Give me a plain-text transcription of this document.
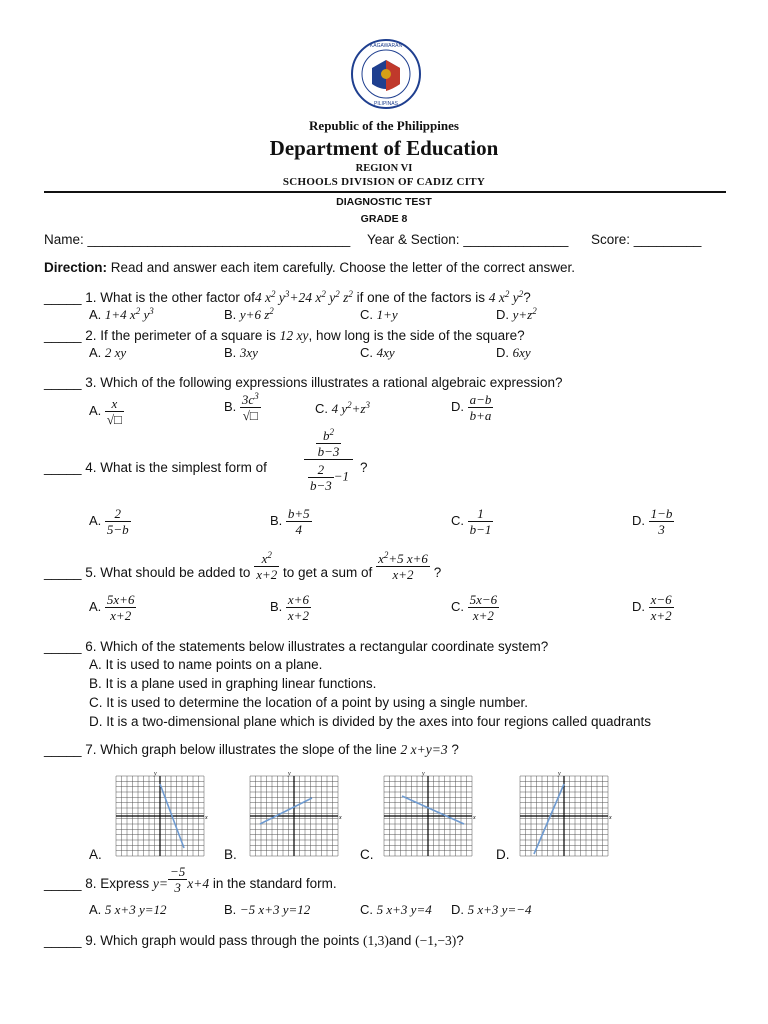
KAGAWARAN
PILIPINAS
Republic of the Philippines
Department of Education
REGION VI
SCHOOLS DIVISION OF CADIZ CITY
DIAGNOSTIC TEST
GRADE 8
Name: ___________________________________ Year & Section: ______________ Score: _________
Direction: Read and answer each item carefully. Choose the letter of the correct answer.
_____ 1. What is the other factor of4 $x^2$ $y^3+24$ $x^2$ $y^2$ $z^2$ if one of the factors is 4 $x^2$ $y^2$?
A. 1+4 $x^2$ $y^3$	B. y+6 $z^2$	C. 1+y	D. $y+z^2$
_____ 2. If the perimeter of a square is 12 xy, how long is the side of the square?
A. 2 xy	B. 3xy	C. 4xy	D. 6xy
_____ 3. Which of the following expressions illustrates a rational algebraic expression?
A. $\frac{x}{√□}$	B. $\frac{3c^3}{√□}$	C. 4 $y^2+z^3$	D. $\frac{a-b}{b+a}$
_____ 4. What is the simplest form of	$\frac{\frac{b^2}{b-3}}{\frac{2}{b-3} -1}$ ?
A. $\frac{2}{5-b}$	B. $\frac{b+5}{4}$	C. $\frac{1}{b-1}$	D. $\frac{1-b}{3}$
_____ 5. What should be added to $\frac{x^2}{x+2}$ to get a sum of $\frac{x^2+5 x+6}{x+2}$ ?
A. $\frac{5x+6}{x+2}$	B. $\frac{x+6}{x+2}$	C. $\frac{5x-6}{x+2}$	D. $\frac{x-6}{x+2}$
_____ 6. Which of the statements below illustrates a rectangular coordinate system?
A. It is used to name points on a plane.
B. It is a plane used in graphing linear functions.
C. It is used to determine the location of a point by using a single number.
D. It is a two-dimensional plane which is divided by the axes into four regions called quadrants
_____ 7. Which graph below illustrates the slope of the line 2 x+y=3 ?
A.
x
y
B.
x
y
C.
x
y
D.
x
y
_____ 8. Express $y= \frac{-5}{3} x+4$ in the standard form.
A. 5 x+3 y=12	B. −5 x+3 y=12	C. 5 x+3 y=4 D. 5 x+3 y=−4
_____ 9. Which graph would pass through the points (1,3)and (−1,−3)?
